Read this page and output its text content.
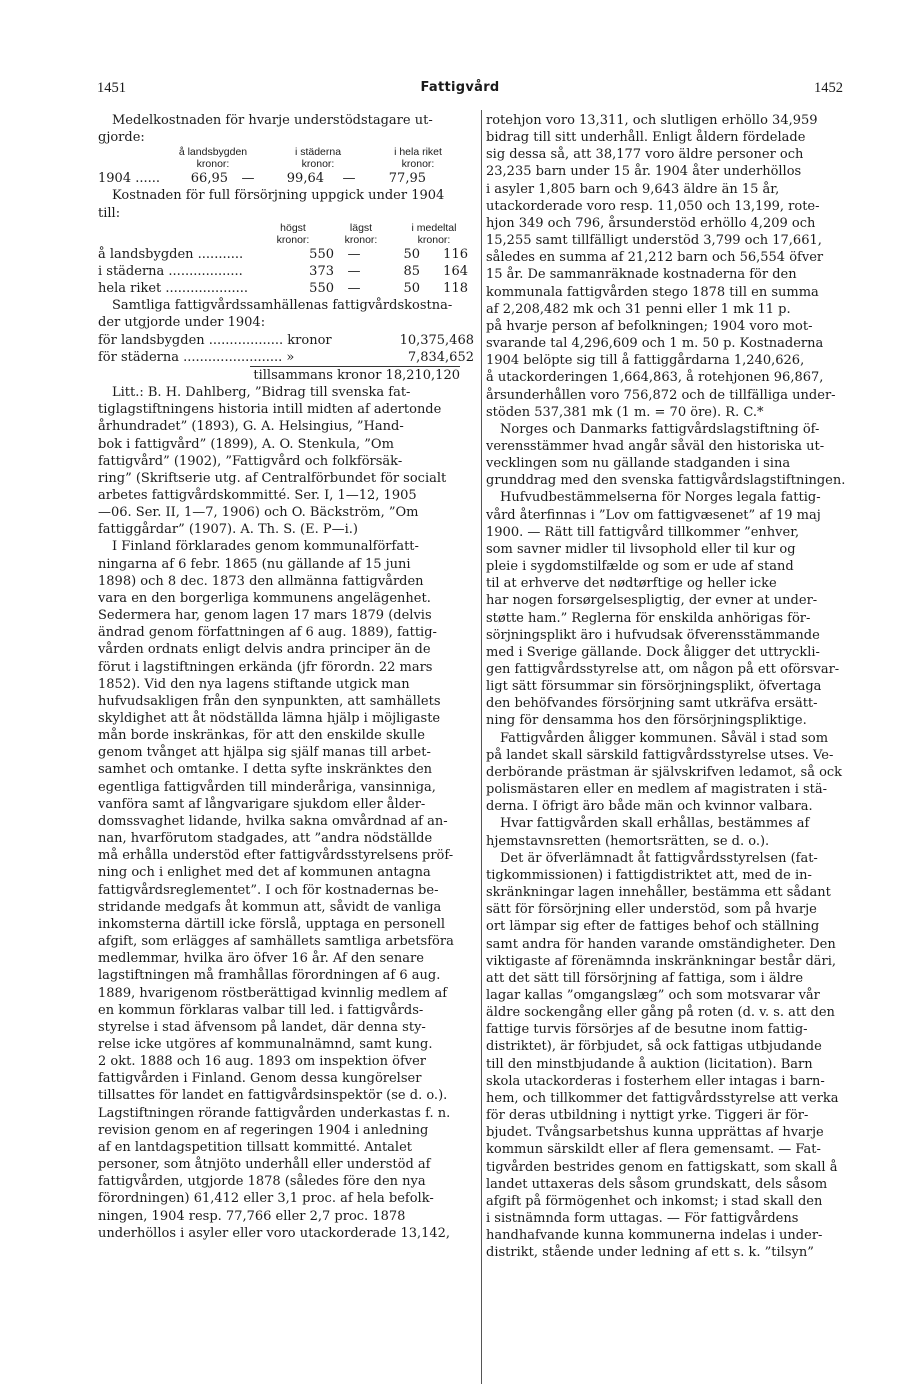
1451	Fattigvård	1452
Medelkostnaden för hvarje understödstagare ut-
gjorde:
å landsbygden	i städerna	i hela riket
kronor:	kronor:	kronor:
1904 ......	66,95	—	99,64	—	77,95
Kostnaden för full försörjning uppgick under 1904
till:
högst	lägst	i medeltal
kronor:	kronor:	kronor:
å landsbygden ...........	550	—	50	116
i städerna ..................	373	—	85	164
hela riket ....................	550	—	50	118
Samtliga fattigvårdssamhällenas fattigvårdskostna-
der utgjorde under 1904:
för landsbygden .................. kronor	10,375,468
för städerna ........................ »	7,834,652
tillsammans kronor 18,210,120
Litt.: B. H. Dahlberg, ”Bidrag till svenska fat-
tiglagstiftningens historia intill midten af adertonde
århundradet” (1893), G. A. Helsingius, ”Hand-
bok i fattigvård” (1899), A. O. Stenkula, ”Om
fattigvård” (1902), ”Fattigvård och folkförsäk-
ring” (Skriftserie utg. af Centralförbundet för socialt
arbetes fattigvårdskommitté. Ser. I, 1—12, 1905
—06. Ser. II, 1—7, 1906) och O. Bäckström, ”Om
fattiggårdar” (1907). A. Th. S. (E. P—i.)
I Finland förklarades genom kommunalförfatt-
ningarna af 6 febr. 1865 (nu gällande af 15 juni
1898) och 8 dec. 1873 den allmänna fattigvården
vara en den borgerliga kommunens angelägenhet.
Sedermera har, genom lagen 17 mars 1879 (delvis
ändrad genom författningen af 6 aug. 1889), fattig-
vården ordnats enligt delvis andra principer än de
förut i lagstiftningen erkända (jfr förordn. 22 mars
1852). Vid den nya lagens stiftande utgick man
hufvudsakligen från den synpunkten, att samhällets
skyldighet att åt nödställda lämna hjälp i möjligaste
mån borde inskränkas, för att den enskilde skulle
genom tvånget att hjälpa sig själf manas till arbet-
samhet och omtanke. I detta syfte inskränktes den
egentliga fattigvården till minderåriga, vansinniga,
vanföra samt af långvarigare sjukdom eller ålder-
domssvaghet lidande, hvilka sakna omvårdnad af an-
nan, hvarförutom stadgades, att ”andra nödställde
må erhålla understöd efter fattigvårdsstyrelsens pröf-
ning och i enlighet med det af kommunen antagna
fattigvårdsreglementet”. I och för kostnadernas be-
stridande medgafs åt kommun att, såvidt de vanliga
inkomsterna därtill icke förslå, upptaga en personell
afgift, som erlägges af samhällets samtliga arbetsföra
medlemmar, hvilka äro öfver 16 år. Af den senare
lagstiftningen må framhållas förordningen af 6 aug.
1889, hvarigenom röstberättigad kvinnlig medlem af
en kommun förklaras valbar till led. i fattigvårds-
styrelse i stad äfvensom på landet, där denna sty-
relse icke utgöres af kommunalnämnd, samt kung.
2 okt. 1888 och 16 aug. 1893 om inspektion öfver
fattigvården i Finland. Genom dessa kungörelser
tillsattes för landet en fattigvårdsinspektör (se d. o.).
Lagstiftningen rörande fattigvården underkastas f. n.
revision genom en af regeringen 1904 i anledning
af en lantdagspetition tillsatt kommitté. Antalet
personer, som åtnjöto underhåll eller understöd af
fattigvården, utgjorde 1878 (således före den nya
förordningen) 61,412 eller 3,1 proc. af hela befolk-
ningen, 1904 resp. 77,766 eller 2,7 proc. 1878
underhöllos i asyler eller voro utackorderade 13,142,
rotehjon voro 13,311, och slutligen erhöllo 34,959
bidrag till sitt underhåll. Enligt åldern fördelade
sig dessa så, att 38,177 voro äldre personer och
23,235 barn under 15 år. 1904 åter underhöllos
i asyler 1,805 barn och 9,643 äldre än 15 år,
utackorderade voro resp. 11,050 och 13,199, rote-
hjon 349 och 796, årsunderstöd erhöllo 4,209 och
15,255 samt tillfälligt understöd 3,799 och 17,661,
således en summa af 21,212 barn och 56,554 öfver
15 år. De sammanräknade kostnaderna för den
kommunala fattigvården stego 1878 till en summa
af 2,208,482 mk och 31 penni eller 1 mk 11 p.
på hvarje person af befolkningen; 1904 voro mot-
svarande tal 4,296,609 och 1 m. 50 p. Kostnaderna
1904 belöpte sig till å fattiggårdarna 1,240,626,
å utackorderingen 1,664,863, å rotehjonen 96,867,
årsunderhållen voro 756,872 och de tillfälliga under-
stöden 537,381 mk (1 m. = 70 öre). R. C.*
Norges och Danmarks fattigvårdslagstiftning öf-
verensstämmer hvad angår såväl den historiska ut-
vecklingen som nu gällande stadganden i sina
grunddrag med den svenska fattigvårdslagstiftningen.
Hufvudbestämmelserna för Norges legala fattig-
vård återfinnas i ”Lov om fattigvæsenet” af 19 maj
1900. — Rätt till fattigvård tillkommer ”enhver,
som savner midler til livsophold eller til kur og
pleie i sygdomstilfælde og som er ude af stand
til at erhverve det nødtørftige og heller icke
har nogen forsørgelsespligtig, der evner at under-
støtte ham.” Reglerna för enskilda anhörigas för-
sörjningsplikt äro i hufvudsak öfverensstämmande
med i Sverige gällande. Dock åligger det uttryckli-
gen fattigvårdsstyrelse att, om någon på ett oförsvar-
ligt sätt försummar sin försörjningsplikt, öfvertaga
den behöfvandes försörjning samt utkräfva ersätt-
ning för densamma hos den försörjningspliktige.
Fattigvården åligger kommunen. Såväl i stad som
på landet skall särskild fattigvårdsstyrelse utses. Ve-
derbörande prästman är självskrifven ledamot, så ock
polismästaren eller en medlem af magistraten i stä-
derna. I öfrigt äro både män och kvinnor valbara.
Hvar fattigvården skall erhållas, bestämmes af
hjemstavnsretten (hemortsrätten, se d. o.).
Det är öfverlämnadt åt fattigvårdsstyrelsen (fat-
tigkommissionen) i fattigdistriktet att, med de in-
skränkningar lagen innehåller, bestämma ett sådant
sätt för försörjning eller understöd, som på hvarje
ort lämpar sig efter de fattiges behof och ställning
samt andra för handen varande omständigheter. Den
viktigaste af förenämnda inskränkningar består däri,
att det sätt till försörjning af fattiga, som i äldre
lagar kallas ”omgangslæg” och som motsvarar vår
äldre sockengång eller gång på roten (d. v. s. att den
fattige turvis försörjes af de besutne inom fattig-
distriktet), är förbjudet, så ock fattigas utbjudande
till den minstbjudande å auktion (licitation). Barn
skola utackorderas i fosterhem eller intagas i barn-
hem, och tillkommer det fattigvårdsstyrelse att verka
för deras utbildning i nyttigt yrke. Tiggeri är för-
bjudet. Tvångsarbetshus kunna upprättas af hvarje
kommun särskildt eller af flera gemensamt. — Fat-
tigvården bestrides genom en fattigskatt, som skall å
landet uttaxeras dels såsom grundskatt, dels såsom
afgift på förmögenhet och inkomst; i stad skall den
i sistnämnda form uttagas. — För fattigvårdens
handhafvande kunna kommunerna indelas i under-
distrikt, stående under ledning af ett s. k. ”tilsyn”
